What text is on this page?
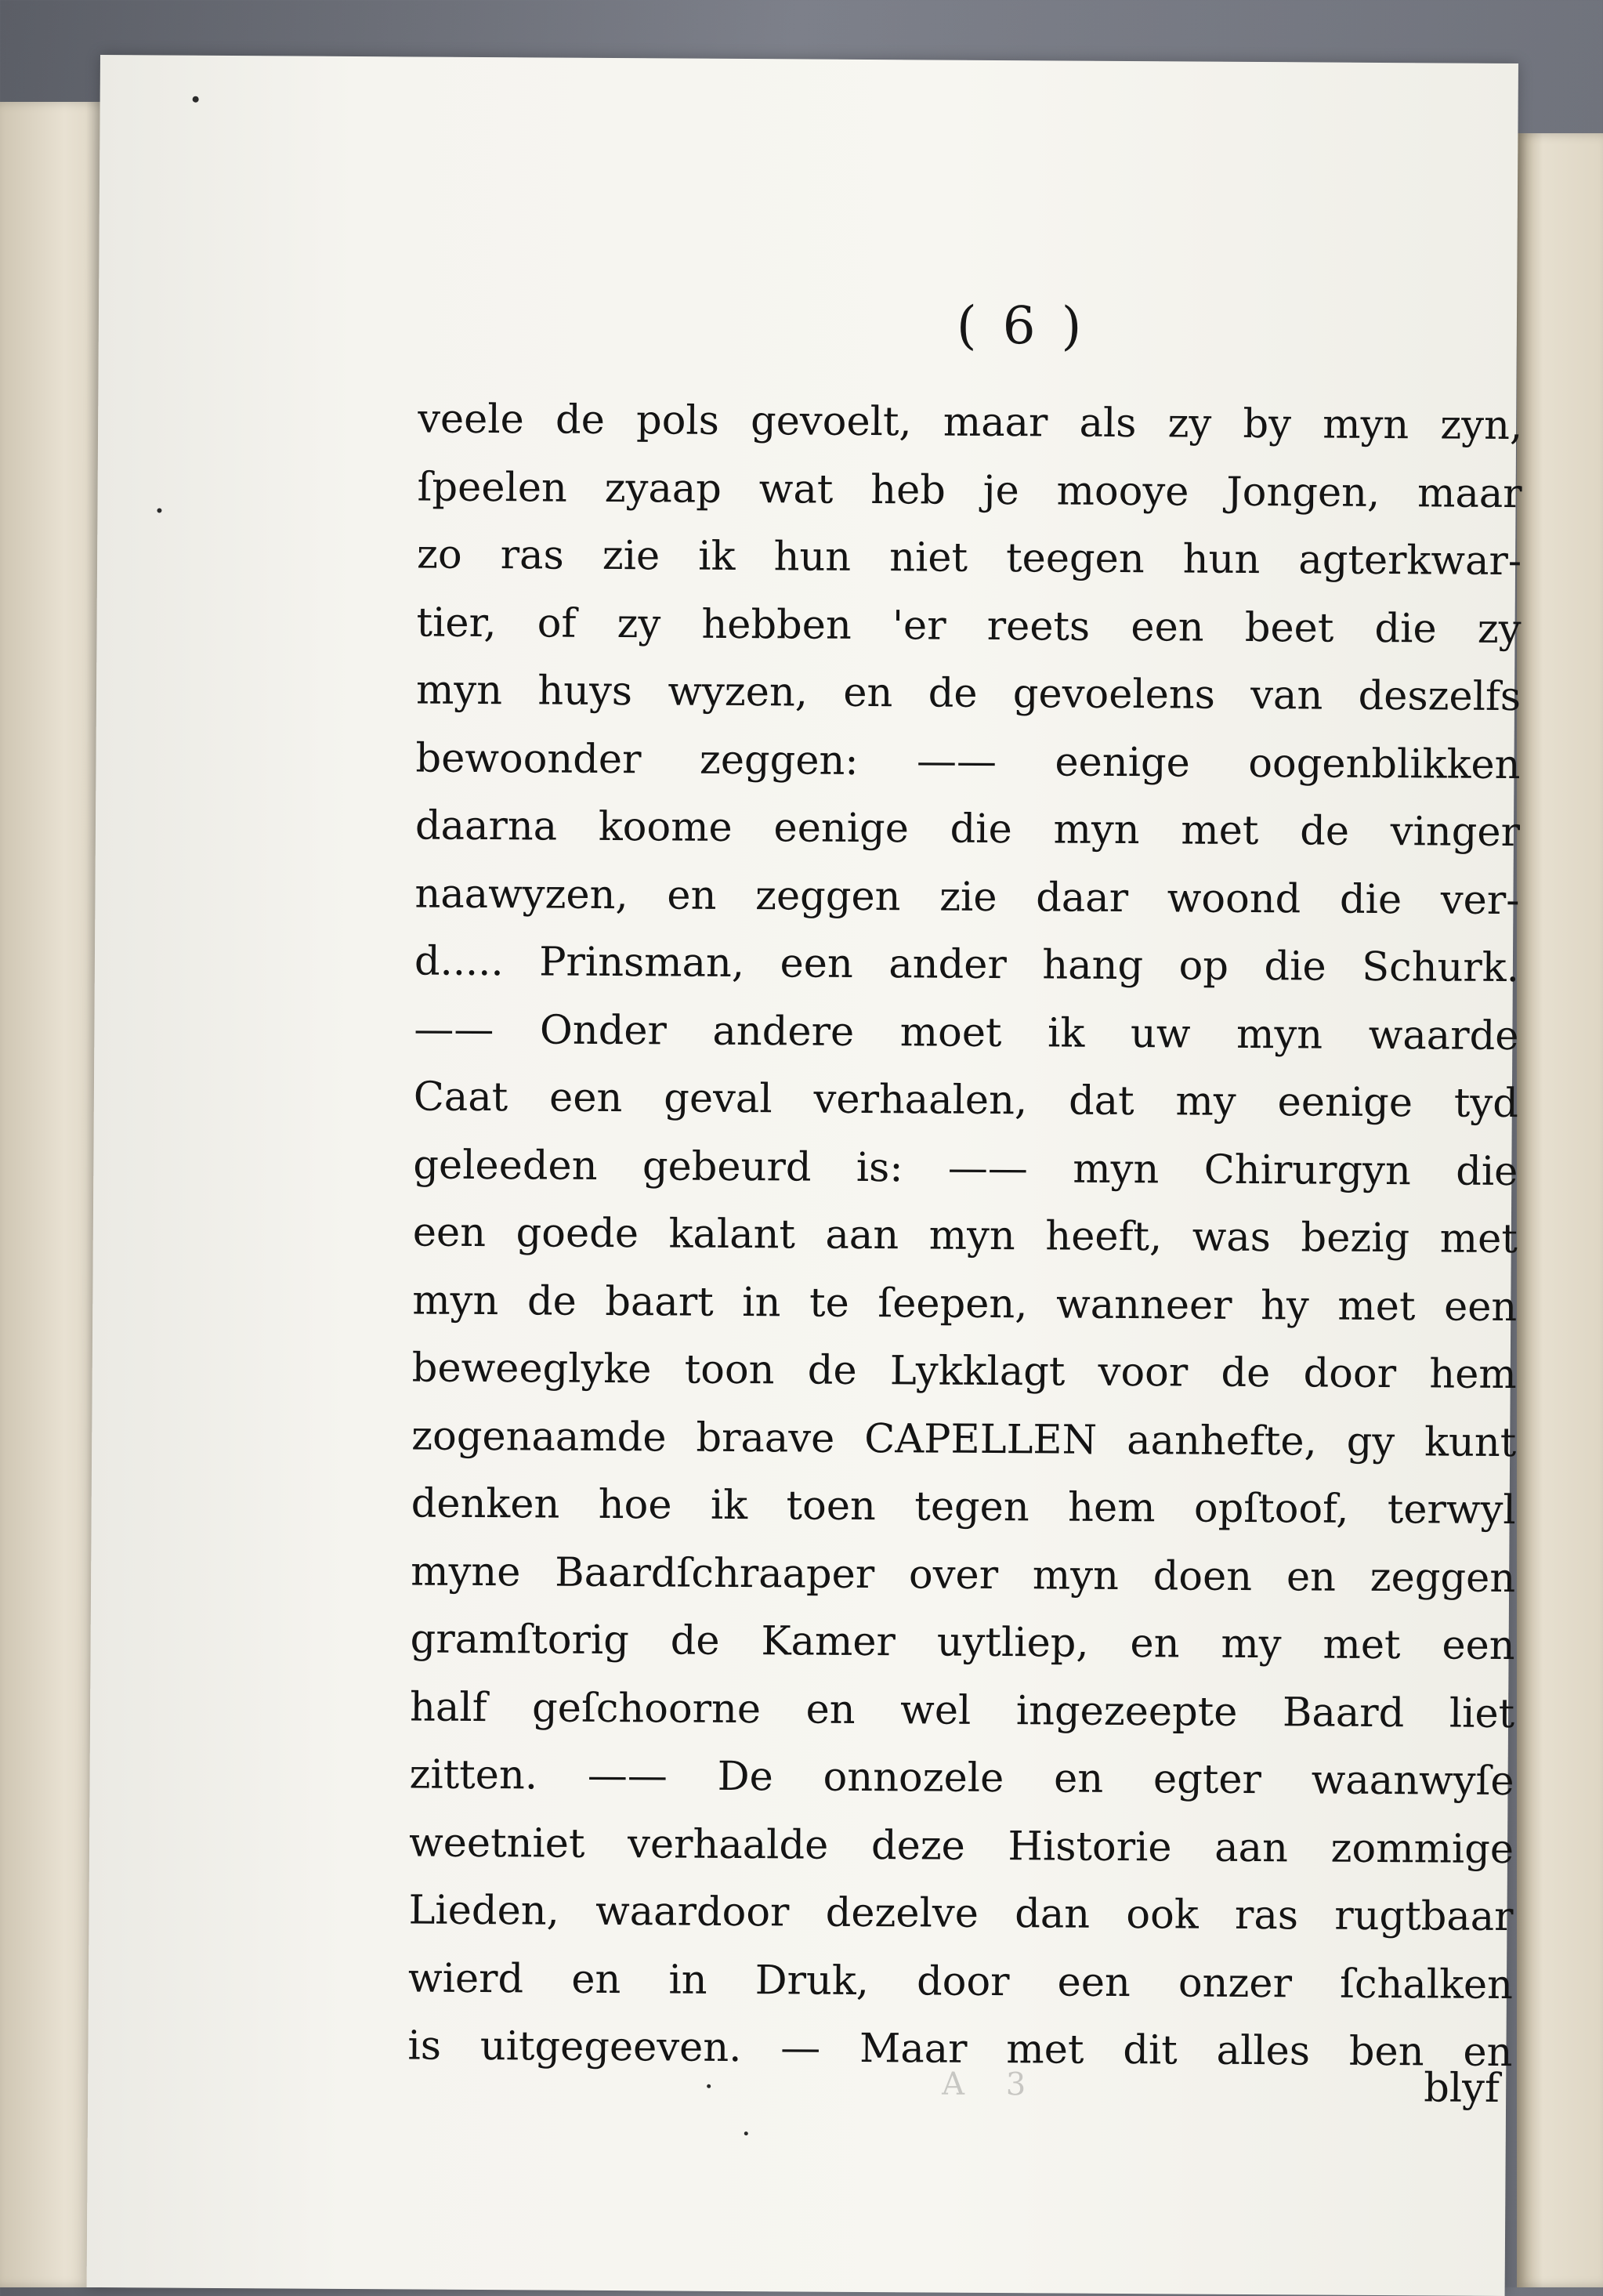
( 6 )
veele de pols gevoelt, maar als zy by myn zyn,
ſpeelen zyaap wat heb je mooye Jongen, maar
zo ras zie ik hun niet teegen hun agterkwar-
tier, of zy hebben 'er reets een beet die zy
myn huys wyzen, en de gevoelens van deszelfs
bewoonder zeggen: —— eenige oogenblikken
daarna koome eenige die myn met de vinger
naawyzen, en zeggen zie daar woond die ver-
d..... Prinsman, een ander hang op die Schurk.
—— Onder andere moet ik uw myn waarde
Caat een geval verhaalen, dat my eenige tyd
geleeden gebeurd is: —— myn Chirurgyn die
een goede kalant aan myn heeft, was bezig met
myn de baart in te ſeepen, wanneer hy met een
beweeglyke toon de Lykklagt voor de door hem
zogenaamde braave CAPELLEN aanhefte, gy kunt
denken hoe ik toen tegen hem opſtoof, terwyl
myne Baardſchraaper over myn doen en zeggen
gramſtorig de Kamer uytliep, en my met een
half geſchoorne en wel ingezeepte Baard liet
zitten. —— De onnozele en egter waanwyſe
weetniet verhaalde deze Historie aan zommige
Lieden, waardoor dezelve dan ook ras rugtbaar
wierd en in Druk, door een onzer ſchalken
is uitgegeeven. — Maar met dit alles ben en
A 3	blyf
